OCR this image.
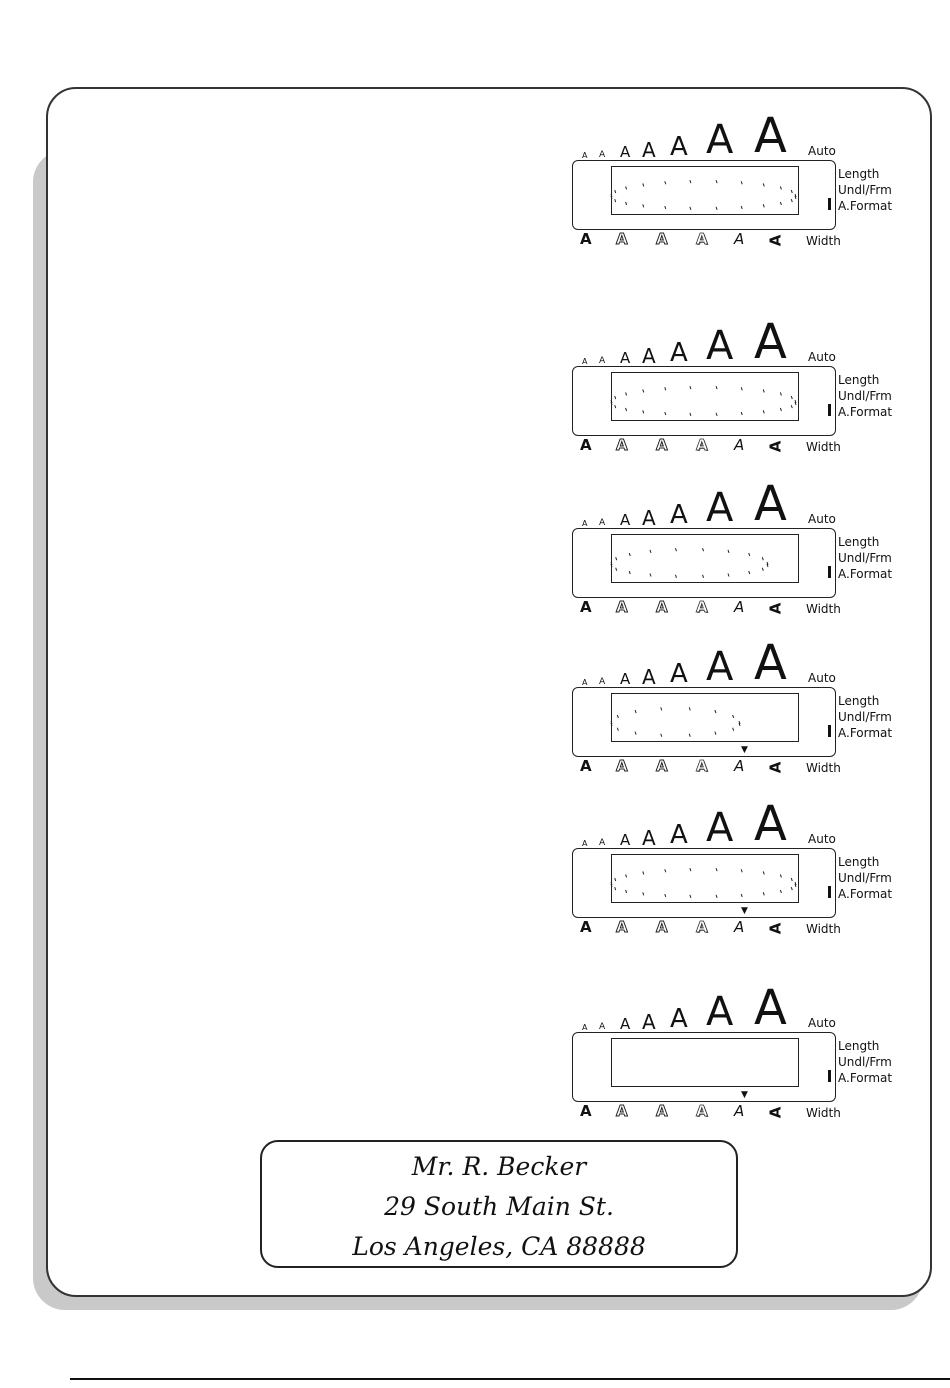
A A A A A A A Auto
Length
Undl/Frm
A.Format
A A A A A A Width
A A A A A A A Auto
Length
Undl/Frm
A.Format
A A A A A A Width
A A A A A A A Auto
Length
Undl/Frm
A.Format
A A A A A A Width
A A A A A A A Auto
▼
Length
Undl/Frm
A.Format
A A A A A A Width
A A A A A A A Auto
▼
Length
Undl/Frm
A.Format
A A A A A A Width
A A A A A A A Auto
▼
Length
Undl/Frm
A.Format
A A A A A A Width
Mr. R. Becker
29 South Main St.
Los Angeles, CA 88888
